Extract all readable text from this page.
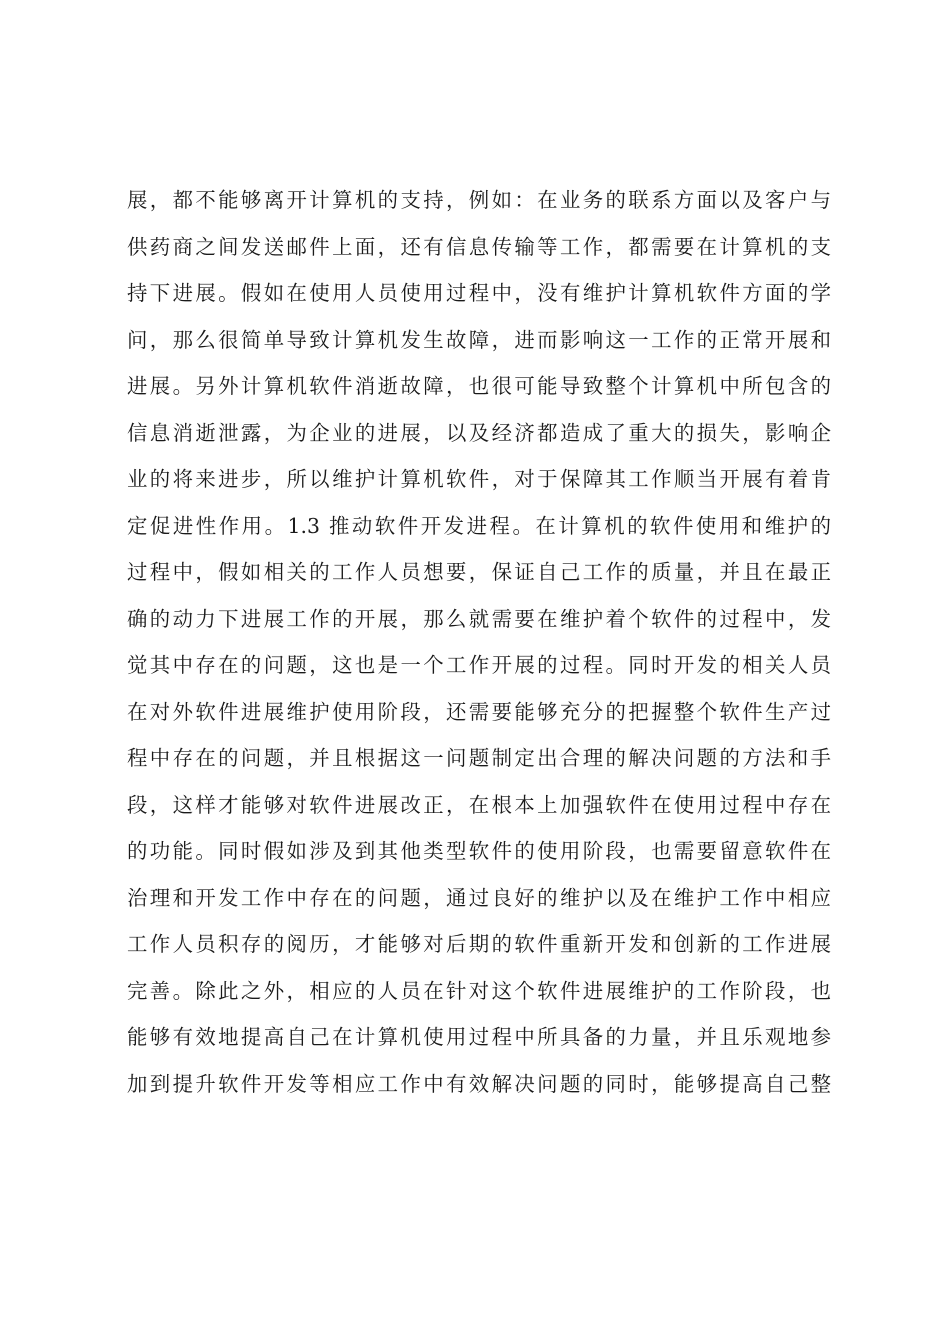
展，都不能够离开计算机的支持，例如：在业务的联系方面以及客户与

供药商之间发送邮件上面，还有信息传输等工作，都需要在计算机的支

持下进展。假如在使用人员使用过程中，没有维护计算机软件方面的学

问，那么很简单导致计算机发生故障，进而影响这一工作的正常开展和

进展。另外计算机软件消逝故障，也很可能导致整个计算机中所包含的

信息消逝泄露，为企业的进展，以及经济都造成了重大的损失，影响企

业的将来进步，所以维护计算机软件，对于保障其工作顺当开展有着肯

定促进性作用。1.3 推动软件开发进程。在计算机的软件使用和维护的

过程中，假如相关的工作人员想要，保证自己工作的质量，并且在最正

确的动力下进展工作的开展，那么就需要在维护着个软件的过程中，发

觉其中存在的问题，这也是一个工作开展的过程。同时开发的相关人员

在对外软件进展维护使用阶段，还需要能够充分的把握整个软件生产过

程中存在的问题，并且根据这一问题制定出合理的解决问题的方法和手

段，这样才能够对软件进展改正，在根本上加强软件在使用过程中存在

的功能。同时假如涉及到其他类型软件的使用阶段，也需要留意软件在

治理和开发工作中存在的问题，通过良好的维护以及在维护工作中相应

工作人员积存的阅历，才能够对后期的软件重新开发和创新的工作进展

完善。除此之外，相应的人员在针对这个软件进展维护的工作阶段，也

能够有效地提高自己在计算机使用过程中所具备的力量，并且乐观地参

加到提升软件开发等相应工作中有效解决问题的同时，能够提高自己整
